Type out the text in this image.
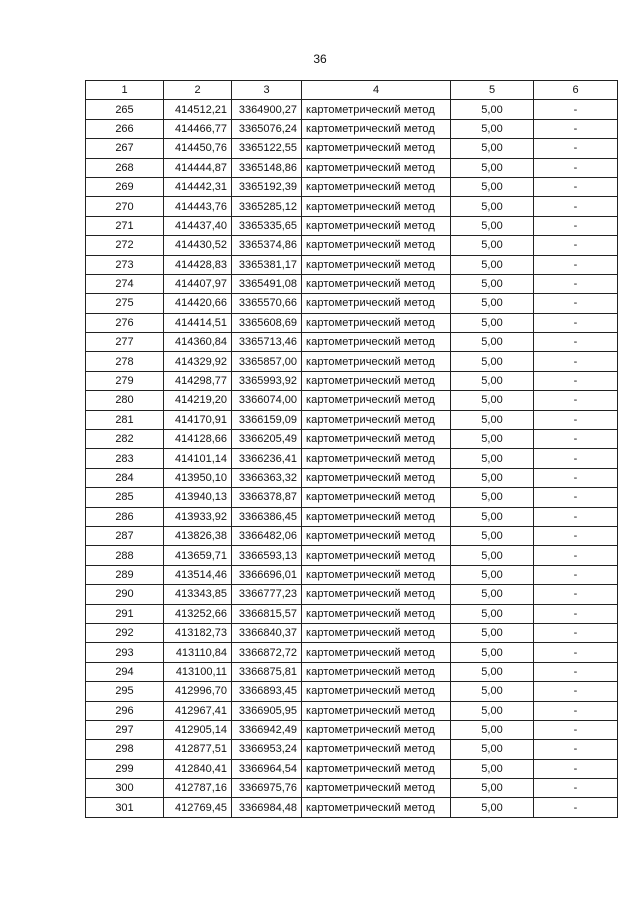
36
1	2	3	4	5	6
265	414512,21	3364900,27	картометрический метод	5,00	-
266	414466,77	3365076,24	картометрический метод	5,00	-
267	414450,76	3365122,55	картометрический метод	5,00	-
268	414444,87	3365148,86	картометрический метод	5,00	-
269	414442,31	3365192,39	картометрический метод	5,00	-
270	414443,76	3365285,12	картометрический метод	5,00	-
271	414437,40	3365335,65	картометрический метод	5,00	-
272	414430,52	3365374,86	картометрический метод	5,00	-
273	414428,83	3365381,17	картометрический метод	5,00	-
274	414407,97	3365491,08	картометрический метод	5,00	-
275	414420,66	3365570,66	картометрический метод	5,00	-
276	414414,51	3365608,69	картометрический метод	5,00	-
277	414360,84	3365713,46	картометрический метод	5,00	-
278	414329,92	3365857,00	картометрический метод	5,00	-
279	414298,77	3365993,92	картометрический метод	5,00	-
280	414219,20	3366074,00	картометрический метод	5,00	-
281	414170,91	3366159,09	картометрический метод	5,00	-
282	414128,66	3366205,49	картометрический метод	5,00	-
283	414101,14	3366236,41	картометрический метод	5,00	-
284	413950,10	3366363,32	картометрический метод	5,00	-
285	413940,13	3366378,87	картометрический метод	5,00	-
286	413933,92	3366386,45	картометрический метод	5,00	-
287	413826,38	3366482,06	картометрический метод	5,00	-
288	413659,71	3366593,13	картометрический метод	5,00	-
289	413514,46	3366696,01	картометрический метод	5,00	-
290	413343,85	3366777,23	картометрический метод	5,00	-
291	413252,66	3366815,57	картометрический метод	5,00	-
292	413182,73	3366840,37	картометрический метод	5,00	-
293	413110,84	3366872,72	картометрический метод	5,00	-
294	413100,11	3366875,81	картометрический метод	5,00	-
295	412996,70	3366893,45	картометрический метод	5,00	-
296	412967,41	3366905,95	картометрический метод	5,00	-
297	412905,14	3366942,49	картометрический метод	5,00	-
298	412877,51	3366953,24	картометрический метод	5,00	-
299	412840,41	3366964,54	картометрический метод	5,00	-
300	412787,16	3366975,76	картометрический метод	5,00	-
301	412769,45	3366984,48	картометрический метод	5,00	-
